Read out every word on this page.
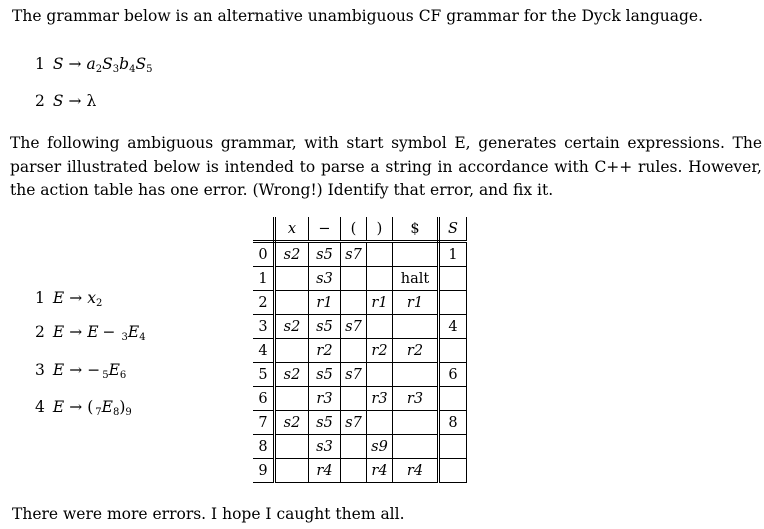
The grammar below is an alternative unambiguous CF grammar for the Dyck language.

1 $S \to a_2S_3b_4S_5$
2 S → λ

The following ambiguous grammar, with start symbol E, generates certain expressions. The parser illustrated below is intended to parse a string in accordance with C++ rules. However, the action table has one error. (Wrong!) Identify that error, and fix it.

1 $E \to x_2$
2 $E \to E - 3E_4$
3 E → − $5E_6$
4 E → ( $7E_8)_9$
	x	−	(	)	$	S
0	s2	s5	s7			1
1		s3			halt	
2		r1		r1	r1	
3	s2	s5	s7			4
4		r2		r2	r2	
5	s2	s5	s7			6
6		r3		r3	r3	
7	s2	s5	s7			8
8		s3		s9		
9		r4		r4	r4	

There were more errors. I hope I caught them all.
